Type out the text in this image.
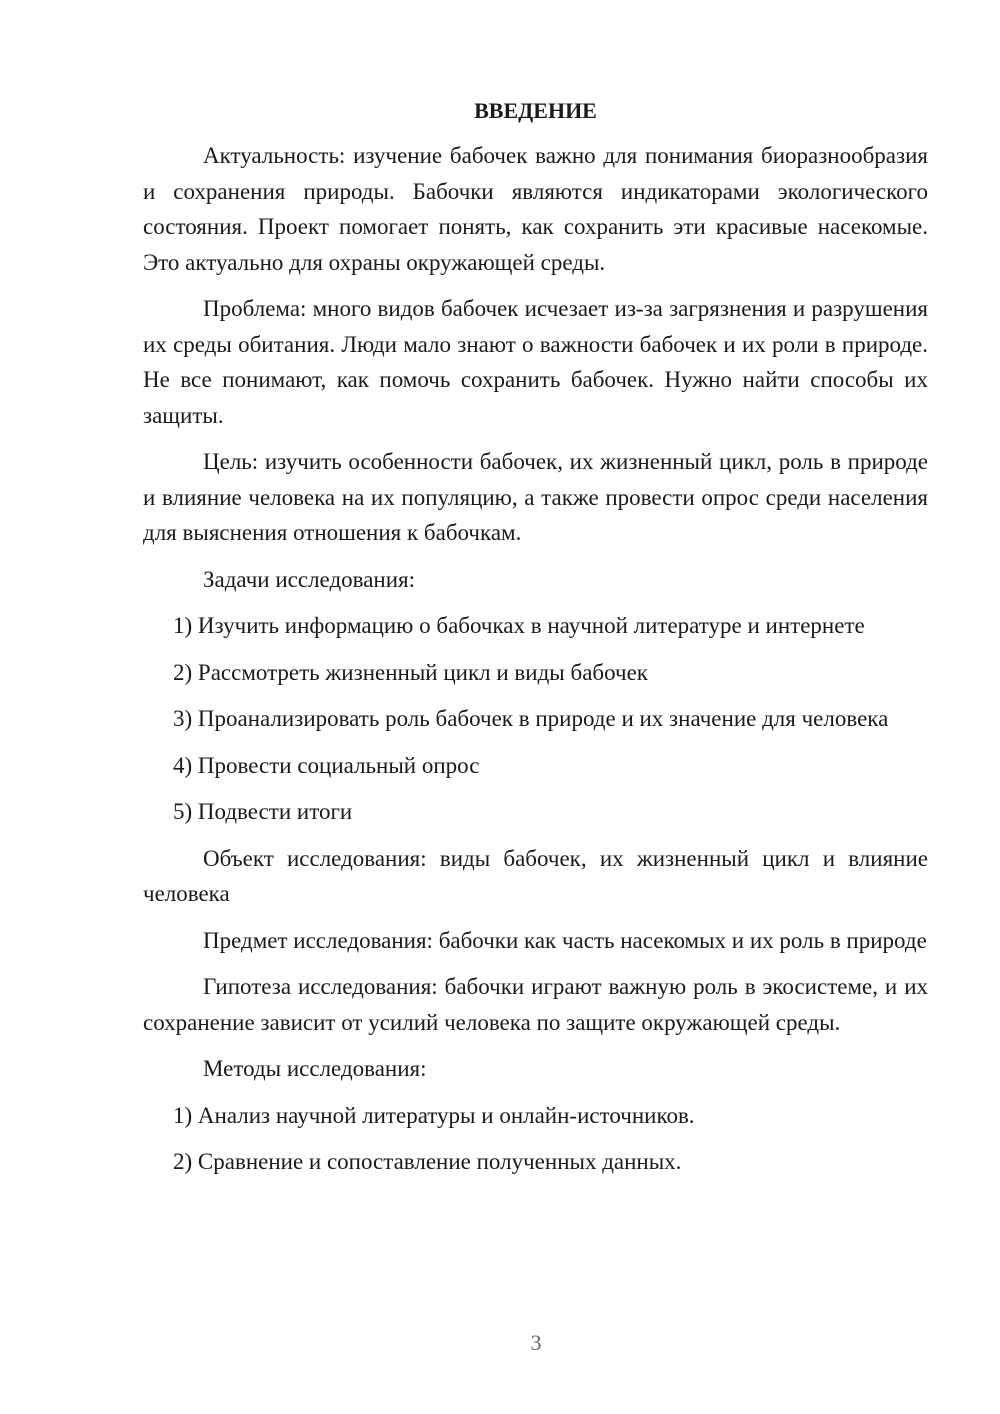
ВВЕДЕНИЕ

Актуальность: изучение бабочек важно для понимания биоразнообразия и сохранения природы. Бабочки являются индикаторами экологического состояния. Проект помогает понять, как сохранить эти красивые насекомые. Это актуально для охраны окружающей среды.

Проблема: много видов бабочек исчезает из-за загрязнения и разрушения их среды обитания. Люди мало знают о важности бабочек и их роли в природе. Не все понимают, как помочь сохранить бабочек. Нужно найти способы их защиты.

Цель: изучить особенности бабочек, их жизненный цикл, роль в природе и влияние человека на их популяцию, а также провести опрос среди населения для выяснения отношения к бабочкам.

Задачи исследования:

1) Изучить информацию о бабочках в научной литературе и интернете

2) Рассмотреть жизненный цикл и виды бабочек

3) Проанализировать роль бабочек в природе и их значение для человека

4) Провести социальный опрос

5) Подвести итоги

Объект исследования: виды бабочек, их жизненный цикл и влияние человека

Предмет исследования: бабочки как часть насекомых и их роль в природе

Гипотеза исследования: бабочки играют важную роль в экосистеме, и их сохранение зависит от усилий человека по защите окружающей среды.

Методы исследования:

1) Анализ научной литературы и онлайн-источников.

2) Сравнение и сопоставление полученных данных.

3
